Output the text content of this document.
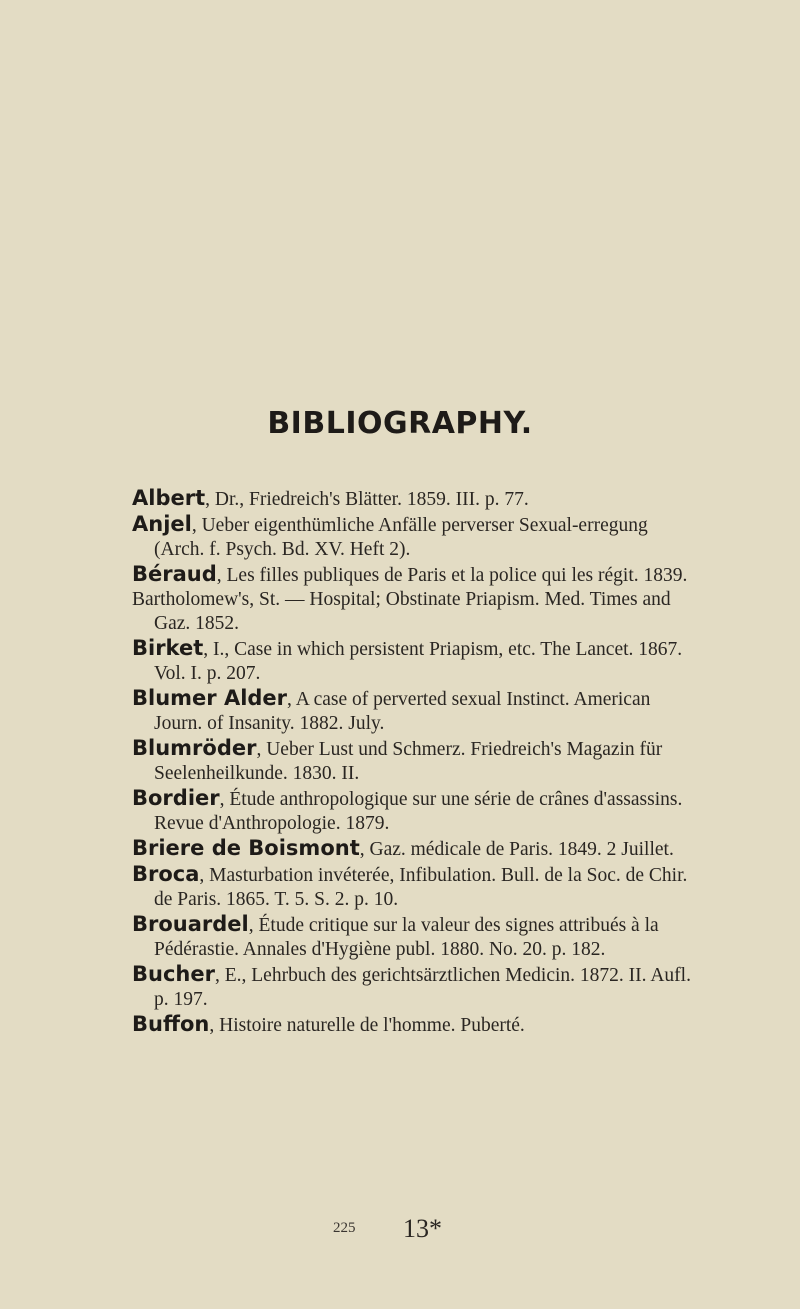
BIBLIOGRAPHY.
Albert, Dr., Friedreich's Blätter. 1859. III. p. 77.
Anjel, Ueber eigenthümliche Anfälle perverser Sexual-erregung (Arch. f. Psych. Bd. XV. Heft 2).
Béraud, Les filles publiques de Paris et la police qui les régit. 1839.
Bartholomew's, St. — Hospital; Obstinate Priapism. Med. Times and Gaz. 1852.
Birket, I., Case in which persistent Priapism, etc. The Lancet. 1867. Vol. I. p. 207.
Blumer Alder, A case of perverted sexual Instinct. American Journ. of Insanity. 1882. July.
Blumröder, Ueber Lust und Schmerz. Friedreich's Magazin für Seelenheilkunde. 1830. II.
Bordier, Étude anthropologique sur une série de crânes d'assassins. Revue d'Anthropologie. 1879.
Briere de Boismont, Gaz. médicale de Paris. 1849. 2 Juillet.
Broca, Masturbation invéterée, Infibulation. Bull. de la Soc. de Chir. de Paris. 1865. T. 5. S. 2. p. 10.
Brouardel, Étude critique sur la valeur des signes attribués à la Pédérastie. Annales d'Hygiène publ. 1880. No. 20. p. 182.
Bucher, E., Lehrbuch des gerichtsärztlichen Medicin. 1872. II. Aufl. p. 197.
Buffon, Histoire naturelle de l'homme. Puberté.
225 13*
